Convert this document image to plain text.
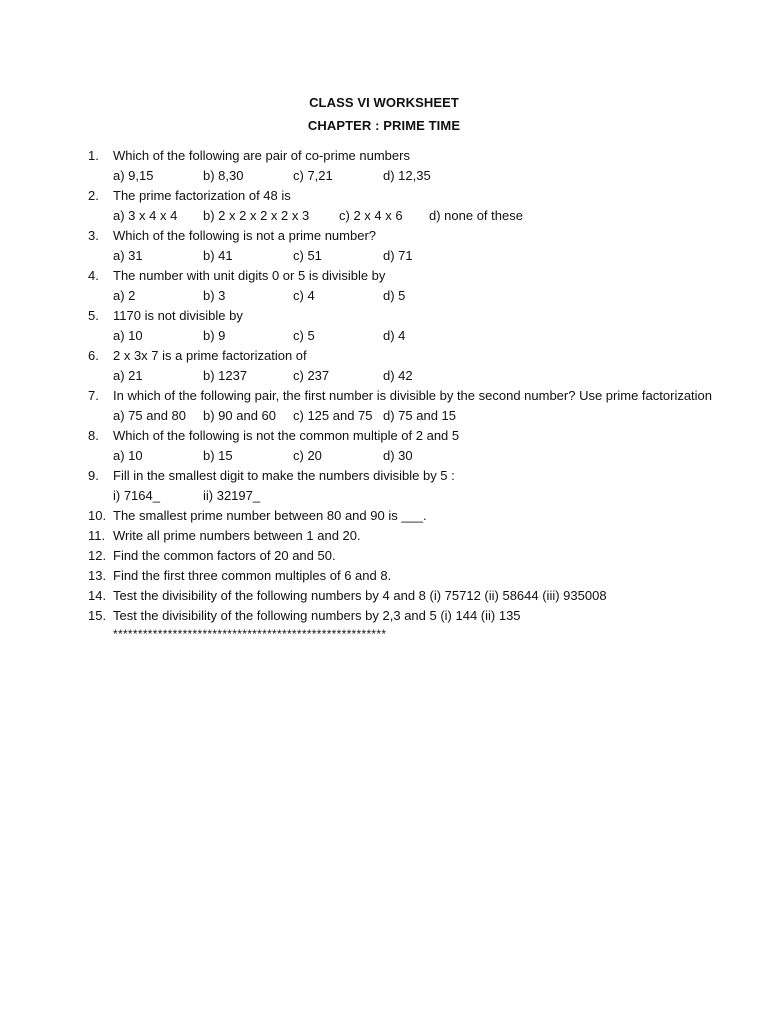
CLASS VI WORKSHEET
CHAPTER : PRIME TIME
1.	Which of the following are pair of co-prime numbers
a) 9,15	b) 8,30	c) 7,21	d) 12,35
2.	The prime factorization of 48 is
a) 3 x 4 x 4 b) 2 x 2 x 2 x 2 x 3 c) 2 x 4 x 6 d) none of these
3.	Which of the following is not a prime number?
a) 31	b) 41	c) 51	d) 71
4.	The number with unit digits 0 or 5 is divisible by
a) 2	b) 3	c) 4	d) 5
5.	1170 is not divisible by
a) 10	b) 9	c) 5	d) 4
6.	2 x 3x 7 is a prime factorization of
a) 21	b) 1237	c) 237	d) 42
7.	In which of the following pair, the first number is divisible by the second number? Use prime factorization
a) 75 and 80 b) 90 and 60 c) 125 and 75 d) 75 and 15
8.	Which of the following is not the common multiple of 2 and 5
a) 10	b) 15	c) 20	d) 30
9.	Fill in the smallest digit to make the numbers divisible by 5 :
i) 7164_	ii) 32197_
10. The smallest prime number between 80 and 90 is ___.
11. Write all prime numbers between 1 and 20.
12. Find the common factors of 20 and 50.
13. Find the first three common multiples of 6 and 8.
14. Test the divisibility of the following numbers by 4 and 8 (i) 75712 (ii) 58644 (iii) 935008
15. Test the divisibility of the following numbers by 2,3 and 5 (i) 144 (ii) 135
*******************************************************
